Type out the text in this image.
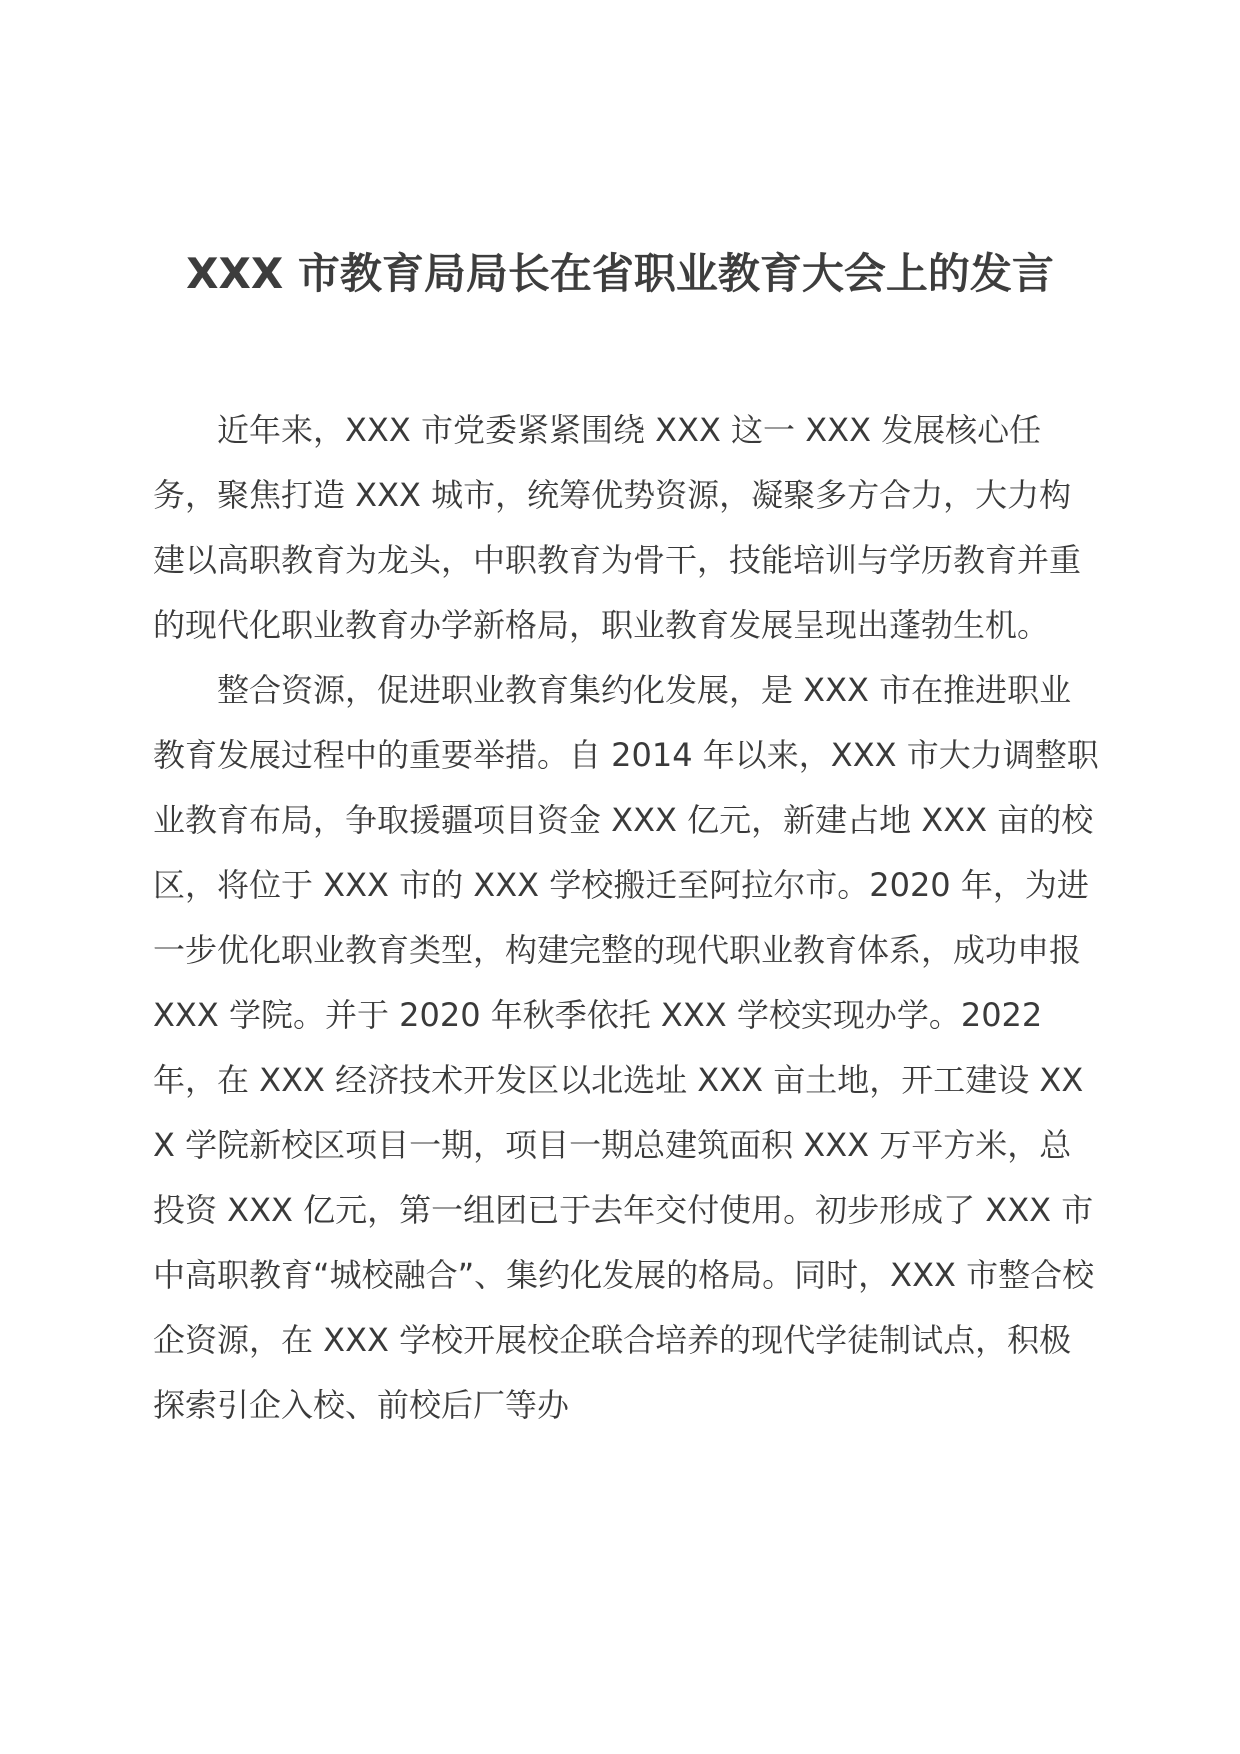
XXX 市教育局局长在省职业教育大会上的发言

近年来，XXX 市党委紧紧围绕 XXX 这一 XXX 发展核心任务，聚焦打造 XXX 城市，统筹优势资源，凝聚多方合力，大力构建以高职教育为龙头，中职教育为骨干，技能培训与学历教育并重的现代化职业教育办学新格局，职业教育发展呈现出蓬勃生机。

整合资源，促进职业教育集约化发展，是 XXX 市在推进职业教育发展过程中的重要举措。自 2014 年以来，XXX 市大力调整职业教育布局，争取援疆项目资金 XXX 亿元，新建占地 XXX 亩的校区，将位于 XXX 市的 XXX 学校搬迁至阿拉尔市。2020 年，为进一步优化职业教育类型，构建完整的现代职业教育体系，成功申报 XXX 学院。并于 2020 年秋季依托 XXX 学校实现办学。2022 年，在 XXX 经济技术开发区以北选址 XXX 亩土地，开工建设 XXX 学院新校区项目一期，项目一期总建筑面积 XXX 万平方米，总投资 XXX 亿元，第一组团已于去年交付使用。初步形成了 XXX 市中高职教育“城校融合”、集约化发展的格局。同时，XXX 市整合校企资源，在 XXX 学校开展校企联合培养的现代学徒制试点，积极探索引企入校、前校后厂等办
